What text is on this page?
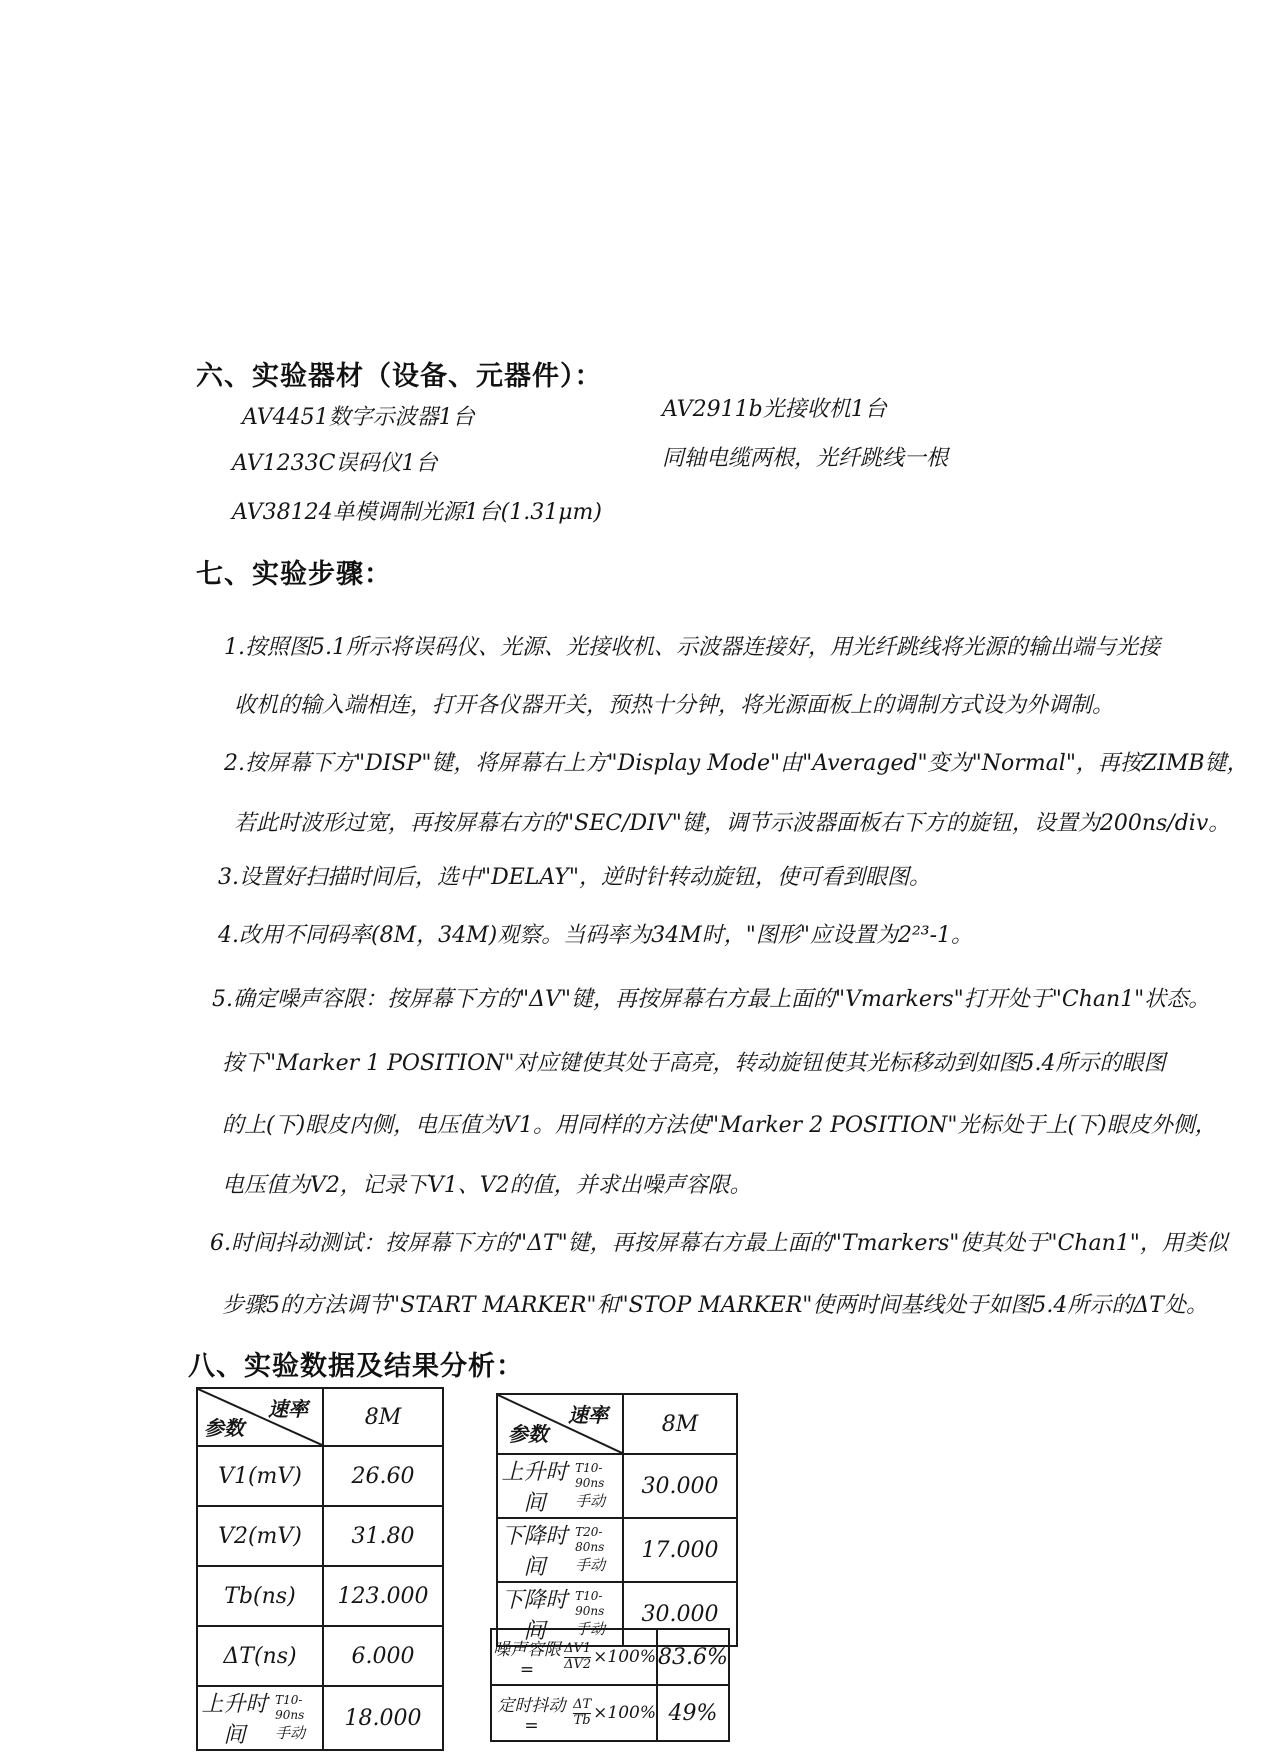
六、实验器材（设备、元器件）：
AV4451数字示波器1台
AV1233C误码仪1台
AV38124单模调制光源1台(1.31μm)
AV2911b光接收机1台
同轴电缆两根，光纤跳线一根
七、实验步骤：
1.按照图5.1所示将误码仪、光源、光接收机、示波器连接好，用光纤跳线将光源的输出端与光接
收机的输入端相连，打开各仪器开关，预热十分钟，将光源面板上的调制方式设为外调制。
2.按屏幕下方"DISP"键，将屏幕右上方"Display Mode"由"Averaged"变为"Normal"，再按ZIMB键，
若此时波形过宽，再按屏幕右方的"SEC/DIV"键，调节示波器面板右下方的旋钮，设置为200ns/div。
3.设置好扫描时间后，选中"DELAY"，逆时针转动旋钮，使可看到眼图。
4.改用不同码率(8M，34M)观察。当码率为34M时，"图形"应设置为2²³-1。
5.确定噪声容限：按屏幕下方的"ΔV"键，再按屏幕右方最上面的"Vmarkers"打开处于"Chan1"状态。
按下"Marker 1 POSITION"对应键使其处于高亮，转动旋钮使其光标移动到如图5.4所示的眼图
的上(下)眼皮内侧，电压值为V1。用同样的方法使"Marker 2 POSITION"光标处于上(下)眼皮外侧，
电压值为V2，记录下V1、V2的值，并求出噪声容限。
6.时间抖动测试：按屏幕下方的"ΔT"键，再按屏幕右方最上面的"Tmarkers"使其处于"Chan1"，用类似
步骤5的方法调节"START MARKER"和"STOP MARKER"使两时间基线处于如图5.4所示的ΔT处。
八、实验数据及结果分析：
速率
参数	8M
V1(mV)	26.60
V2(mV)	31.80
Tb(ns)	123.000
ΔT(ns)	6.000

上升时间
T10-90ns
手动	18.000
速率
参数	8M

上升时间
T10-90ns
手动	30.000

下降时间
T20-80ns
手动	17.000

下降时间
T10-90ns
手动	30.000
噪声容限= $\frac{\Delta V1}{\Delta V2} \times 100\%$	83.6%

定时抖动= $\frac{\Delta T}{Tb} \times 100\%$	49%
